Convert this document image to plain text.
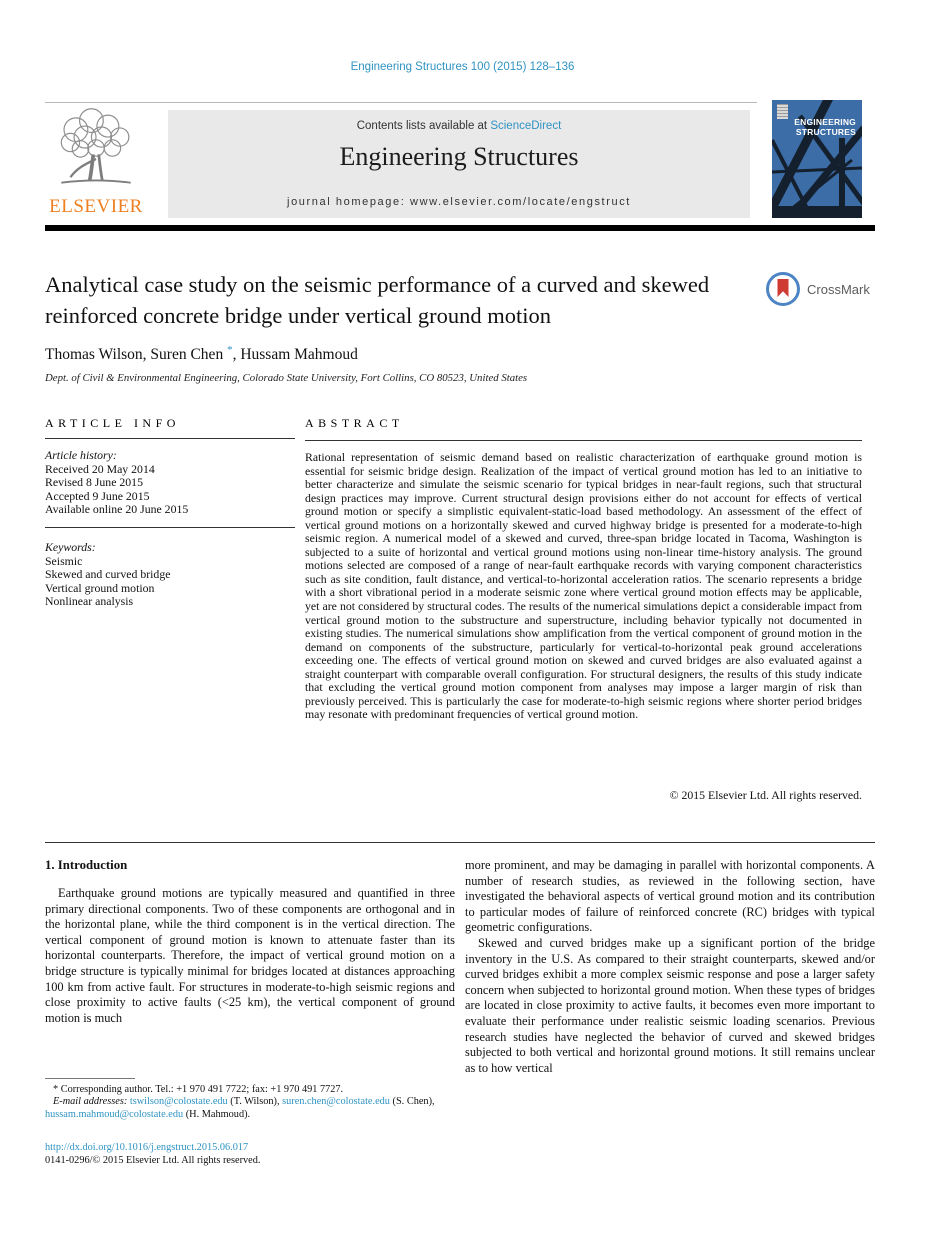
Engineering Structures 100 (2015) 128–136
ELSEVIER
Contents lists available at ScienceDirect
Engineering Structures
journal homepage: www.elsevier.com/locate/engstruct
ENGINEERING
STRUCTURES
Analytical case study on the seismic performance of a curved and skewed reinforced concrete bridge under vertical ground motion
CrossMark
Thomas Wilson, Suren Chen *, Hussam Mahmoud
Dept. of Civil & Environmental Engineering, Colorado State University, Fort Collins, CO 80523, United States
ARTICLE INFO
Article history:
Received 20 May 2014
Revised 8 June 2015
Accepted 9 June 2015
Available online 20 June 2015
Keywords:
Seismic
Skewed and curved bridge
Vertical ground motion
Nonlinear analysis
ABSTRACT
Rational representation of seismic demand based on realistic characterization of earthquake ground motion is essential for seismic bridge design. Realization of the impact of vertical ground motion has led to an initiative to better characterize and simulate the seismic scenario for typical bridges in near-fault regions, such that structural design practices may improve. Current structural design provisions either do not account for effects of vertical ground motion or specify a simplistic equivalent-static-load based methodology. An assessment of the effect of vertical ground motions on a horizontally skewed and curved highway bridge is presented for a moderate-to-high seismic region. A numerical model of a skewed and curved, three-span bridge located in Tacoma, Washington is subjected to a suite of horizontal and vertical ground motions using non-linear time-history analysis. The ground motions selected are composed of a range of near-fault earthquake records with varying component characteristics such as site condition, fault distance, and vertical-to-horizontal acceleration ratios. The scenario represents a bridge with a short vibrational period in a moderate seismic zone where vertical ground motion effects may be applicable, yet are not considered by structural codes. The results of the numerical simulations depict a considerable impact from vertical ground motion to the substructure and superstructure, including behavior typically not documented in existing studies. The numerical simulations show amplification from the vertical component of ground motion in the demand on components of the substructure, particularly for vertical-to-horizontal peak ground accelerations exceeding one. The effects of vertical ground motion on skewed and curved bridges are also evaluated against a straight counterpart with comparable overall configuration. For structural designers, the results of this study indicate that excluding the vertical ground motion component from analyses may impose a larger margin of risk than previously perceived. This is particularly the case for moderate-to-high seismic regions where shorter period bridges may resonate with predominant frequencies of vertical ground motion.
© 2015 Elsevier Ltd. All rights reserved.
1. Introduction
Earthquake ground motions are typically measured and quantified in three primary directional components. Two of these components are orthogonal and in the horizontal plane, while the third component is in the vertical direction. The vertical component of ground motion is known to attenuate faster than its horizontal counterparts. Therefore, the impact of vertical ground motion on a bridge structure is typically minimal for bridges located at distances approaching 100 km from active fault. For structures in moderate-to-high seismic regions and close proximity to active faults (<25 km), the vertical component of ground motion is much

more prominent, and may be damaging in parallel with horizontal components. A number of research studies, as reviewed in the following section, have investigated the behavioral aspects of vertical ground motion and its contribution to particular modes of failure of reinforced concrete (RC) bridges with typical geometric configurations.

Skewed and curved bridges make up a significant portion of the bridge inventory in the U.S. As compared to their straight counterparts, skewed and/or curved bridges exhibit a more complex seismic response and pose a larger safety concern when subjected to horizontal ground motion. When these types of bridges are located in close proximity to active faults, it becomes even more important to evaluate their performance under realistic seismic loading scenarios. Previous research studies have neglected the behavior of curved and skewed bridges subjected to both vertical and horizontal ground motions. It still remains unclear as to how vertical

* Corresponding author. Tel.: +1 970 491 7722; fax: +1 970 491 7727.

E-mail addresses: tswilson@colostate.edu (T. Wilson), suren.chen@colostate.edu (S. Chen), hussam.mahmoud@colostate.edu (H. Mahmoud).

http://dx.doi.org/10.1016/j.engstruct.2015.06.017
0141-0296/© 2015 Elsevier Ltd. All rights reserved.
